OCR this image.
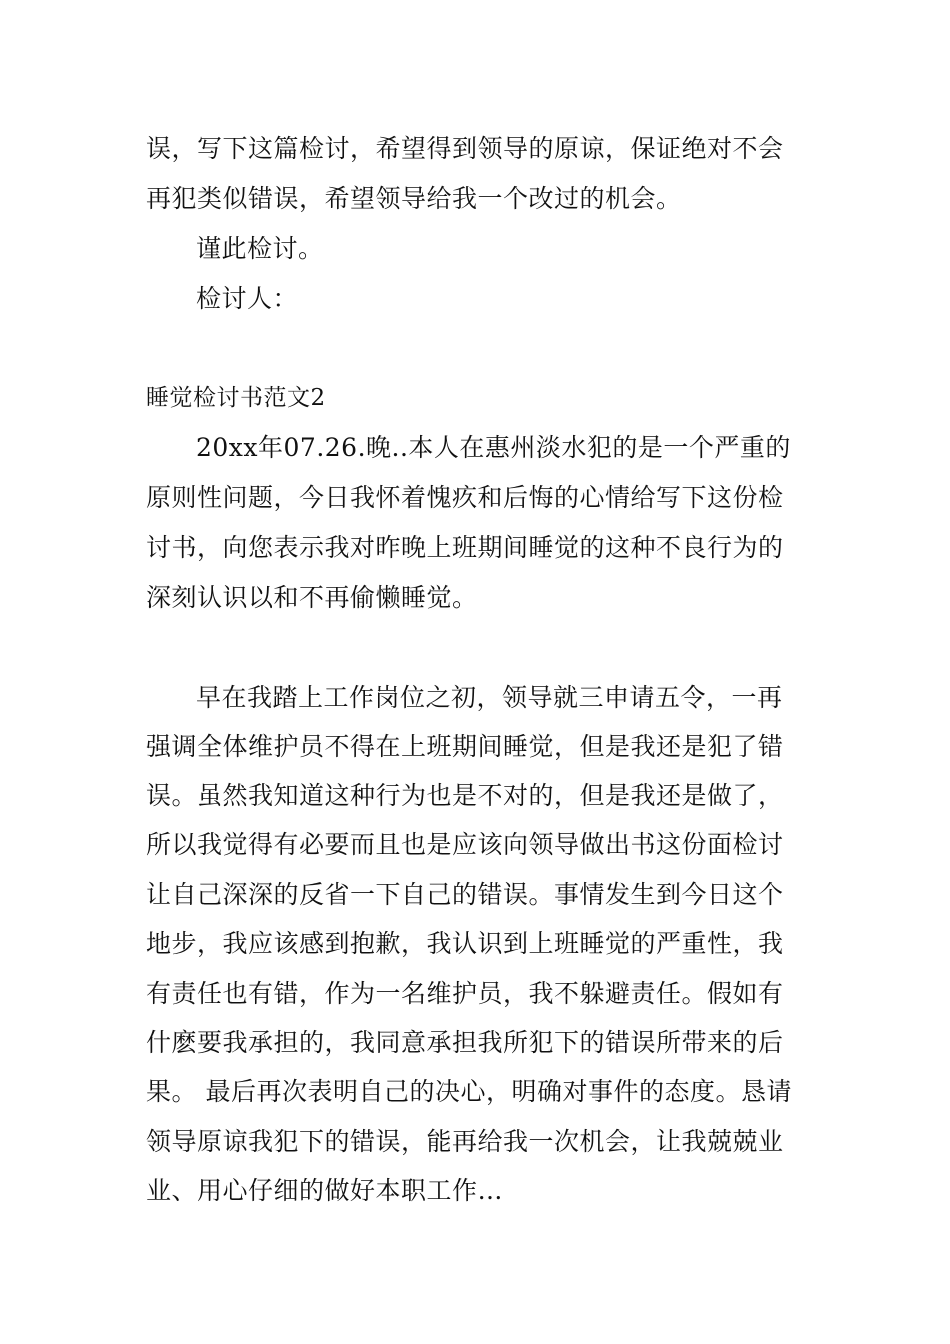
误，写下这篇检讨，希望得到领导的原谅，保证绝对不会
再犯类似错误，希望领导给我一个改过的机会。
谨此检讨。
检讨人：
睡觉检讨书范文2
20xx年07.26.晚..本人在惠州淡水犯的是一个严重的
原则性问题，今日我怀着愧疚和后悔的心情给写下这份检
讨书，向您表示我对昨晚上班期间睡觉的这种不良行为的
深刻认识以和不再偷懒睡觉。
早在我踏上工作岗位之初，领导就三申请五令，一再
强调全体维护员不得在上班期间睡觉，但是我还是犯了错
误。虽然我知道这种行为也是不对的，但是我还是做了，
所以我觉得有必要而且也是应该向领导做出书这份面检讨
让自己深深的反省一下自己的错误。事情发生到今日这个
地步，我应该感到抱歉，我认识到上班睡觉的严重性，我
有责任也有错，作为一名维护员，我不躲避责任。假如有
什麽要我承担的，我同意承担我所犯下的错误所带来的后
果。 最后再次表明自己的决心，明确对事件的态度。恳请
领导原谅我犯下的错误，能再给我一次机会，让我兢兢业
业、用心仔细的做好本职工作…
